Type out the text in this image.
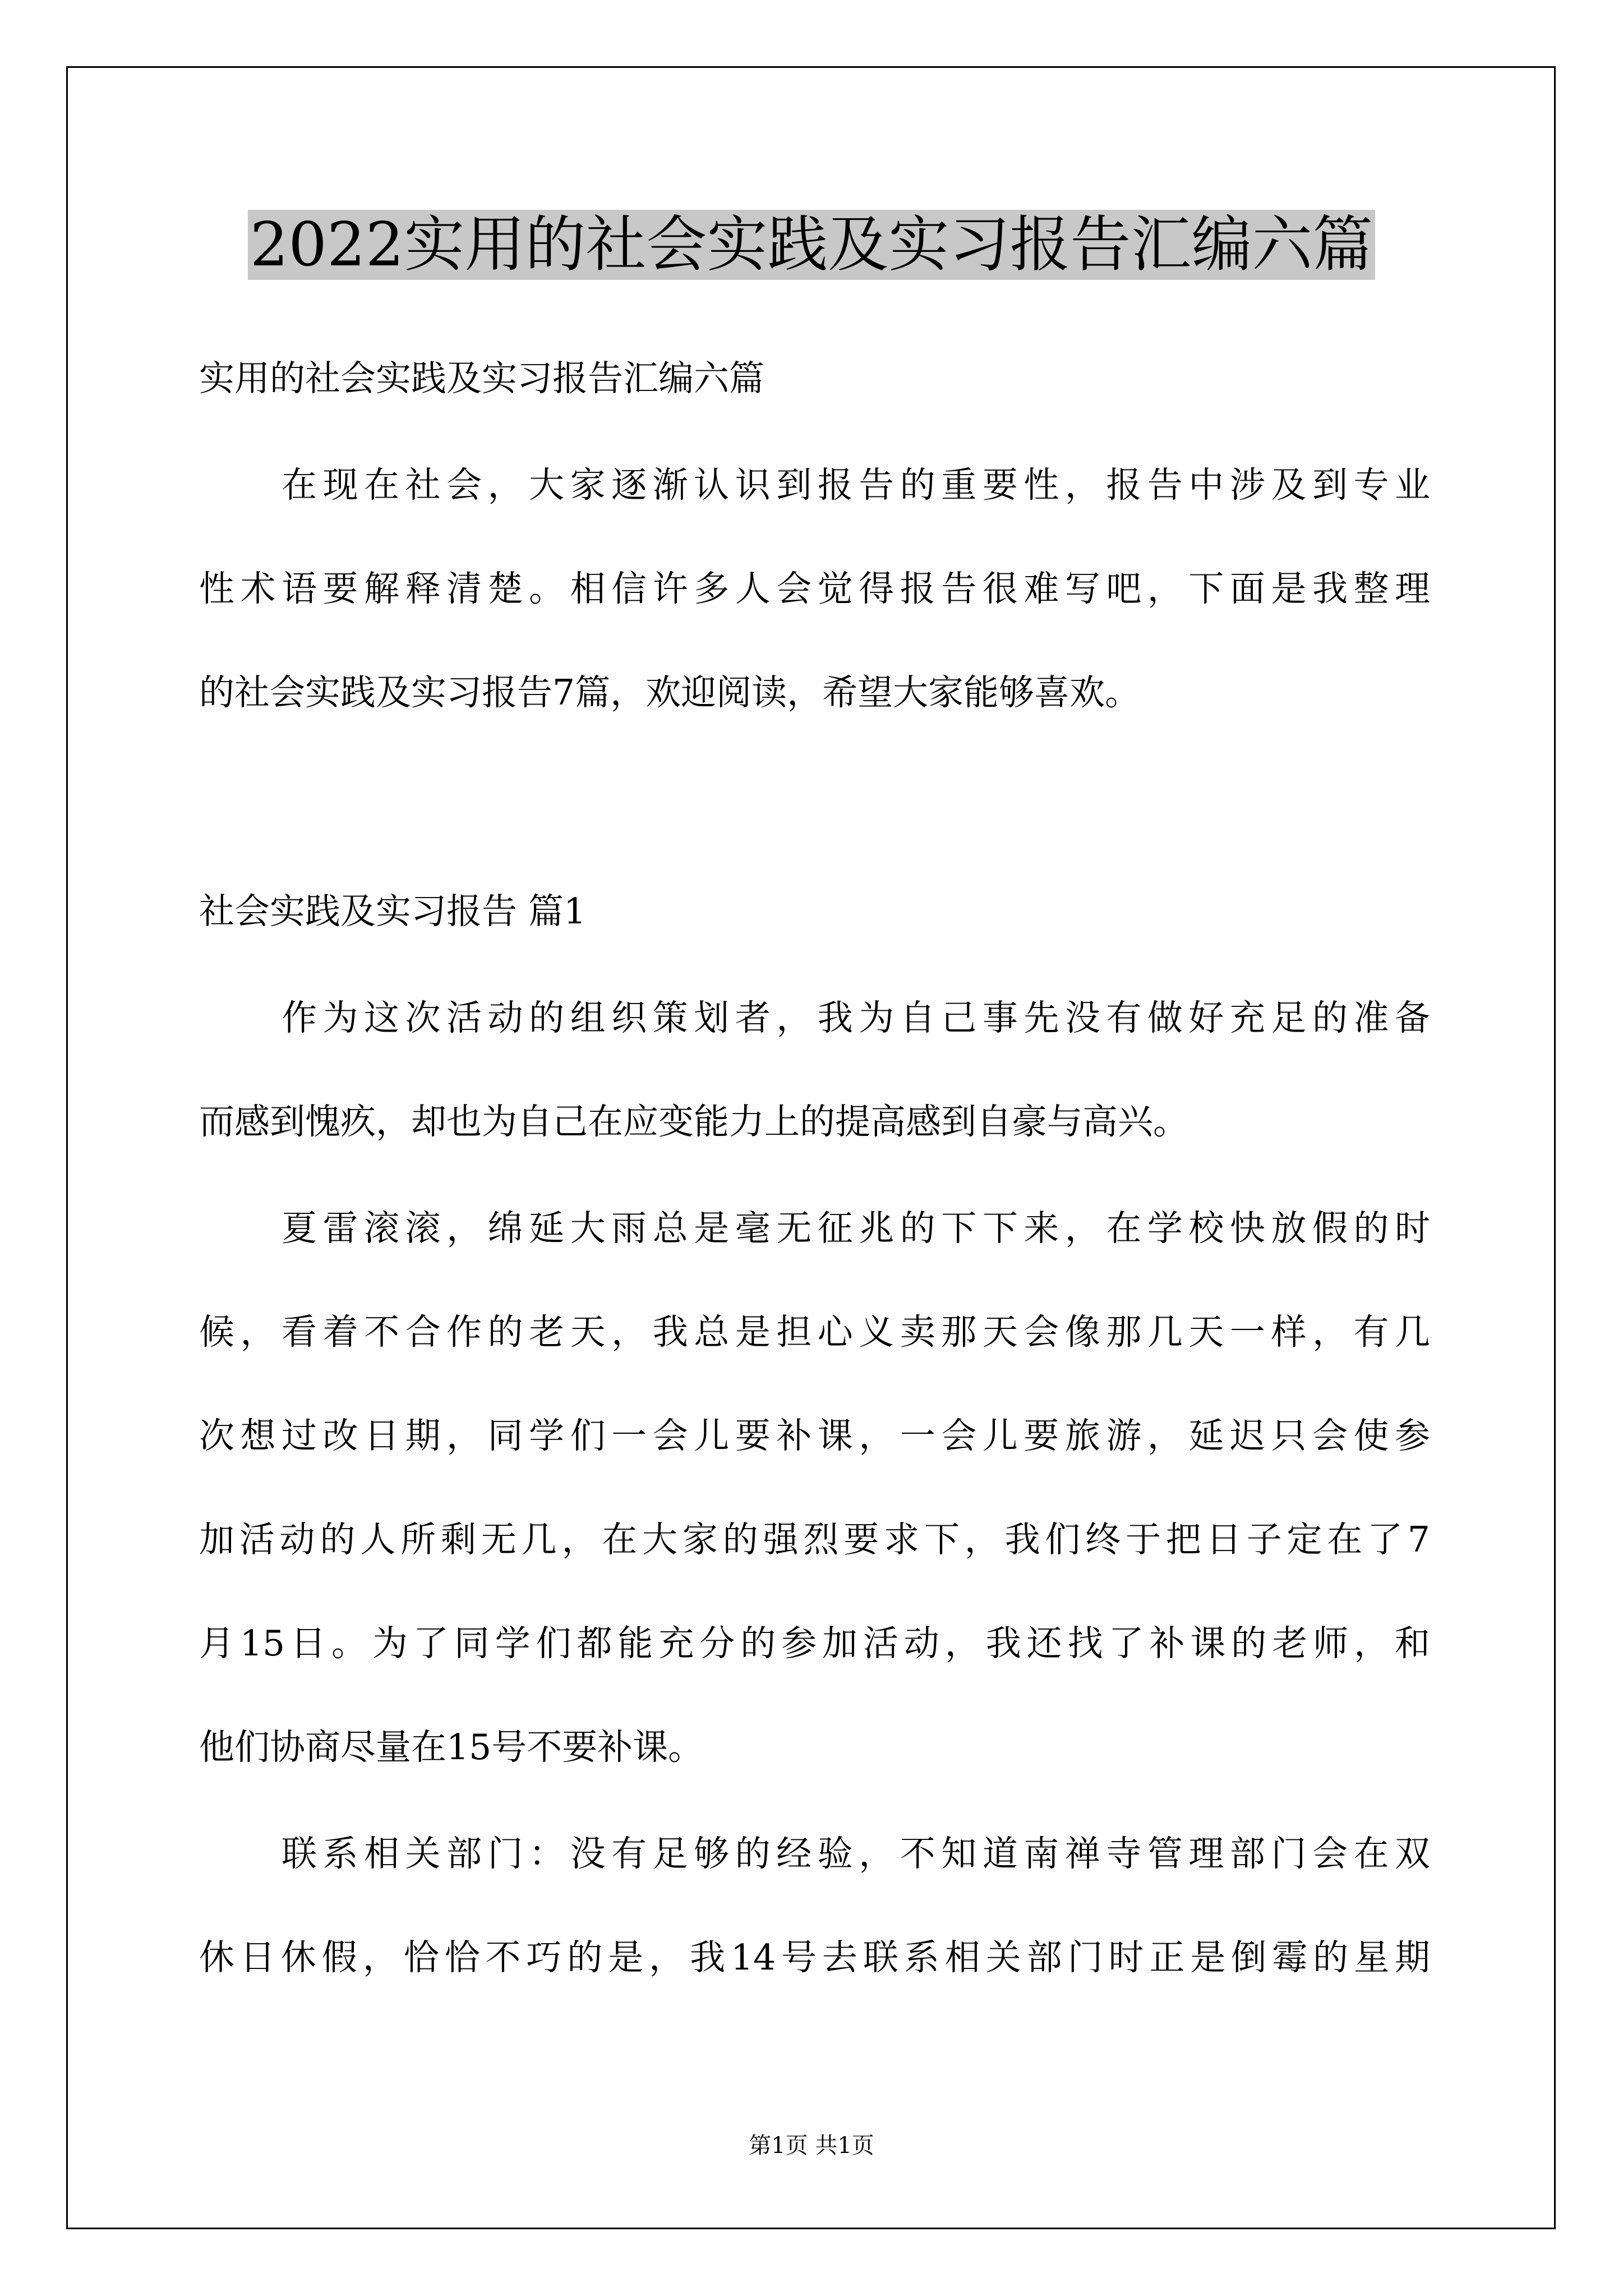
2022实用的社会实践及实习报告汇编六篇
实用的社会实践及实习报告汇编六篇
在现在社会，大家逐渐认识到报告的重要性，报告中涉及到专业
性术语要解释清楚。相信许多人会觉得报告很难写吧，下面是我整理
的社会实践及实习报告7篇，欢迎阅读，希望大家能够喜欢。
社会实践及实习报告 篇1
作为这次活动的组织策划者，我为自己事先没有做好充足的准备
而感到愧疚，却也为自己在应变能力上的提高感到自豪与高兴。
夏雷滚滚，绵延大雨总是毫无征兆的下下来，在学校快放假的时
候，看着不合作的老天，我总是担心义卖那天会像那几天一样，有几
次想过改日期，同学们一会儿要补课，一会儿要旅游，延迟只会使参
加活动的人所剩无几，在大家的强烈要求下，我们终于把日子定在了7
月15日。为了同学们都能充分的参加活动，我还找了补课的老师，和
他们协商尽量在15号不要补课。
联系相关部门：没有足够的经验，不知道南禅寺管理部门会在双
休日休假，恰恰不巧的是，我14号去联系相关部门时正是倒霉的星期
第1页 共1页
